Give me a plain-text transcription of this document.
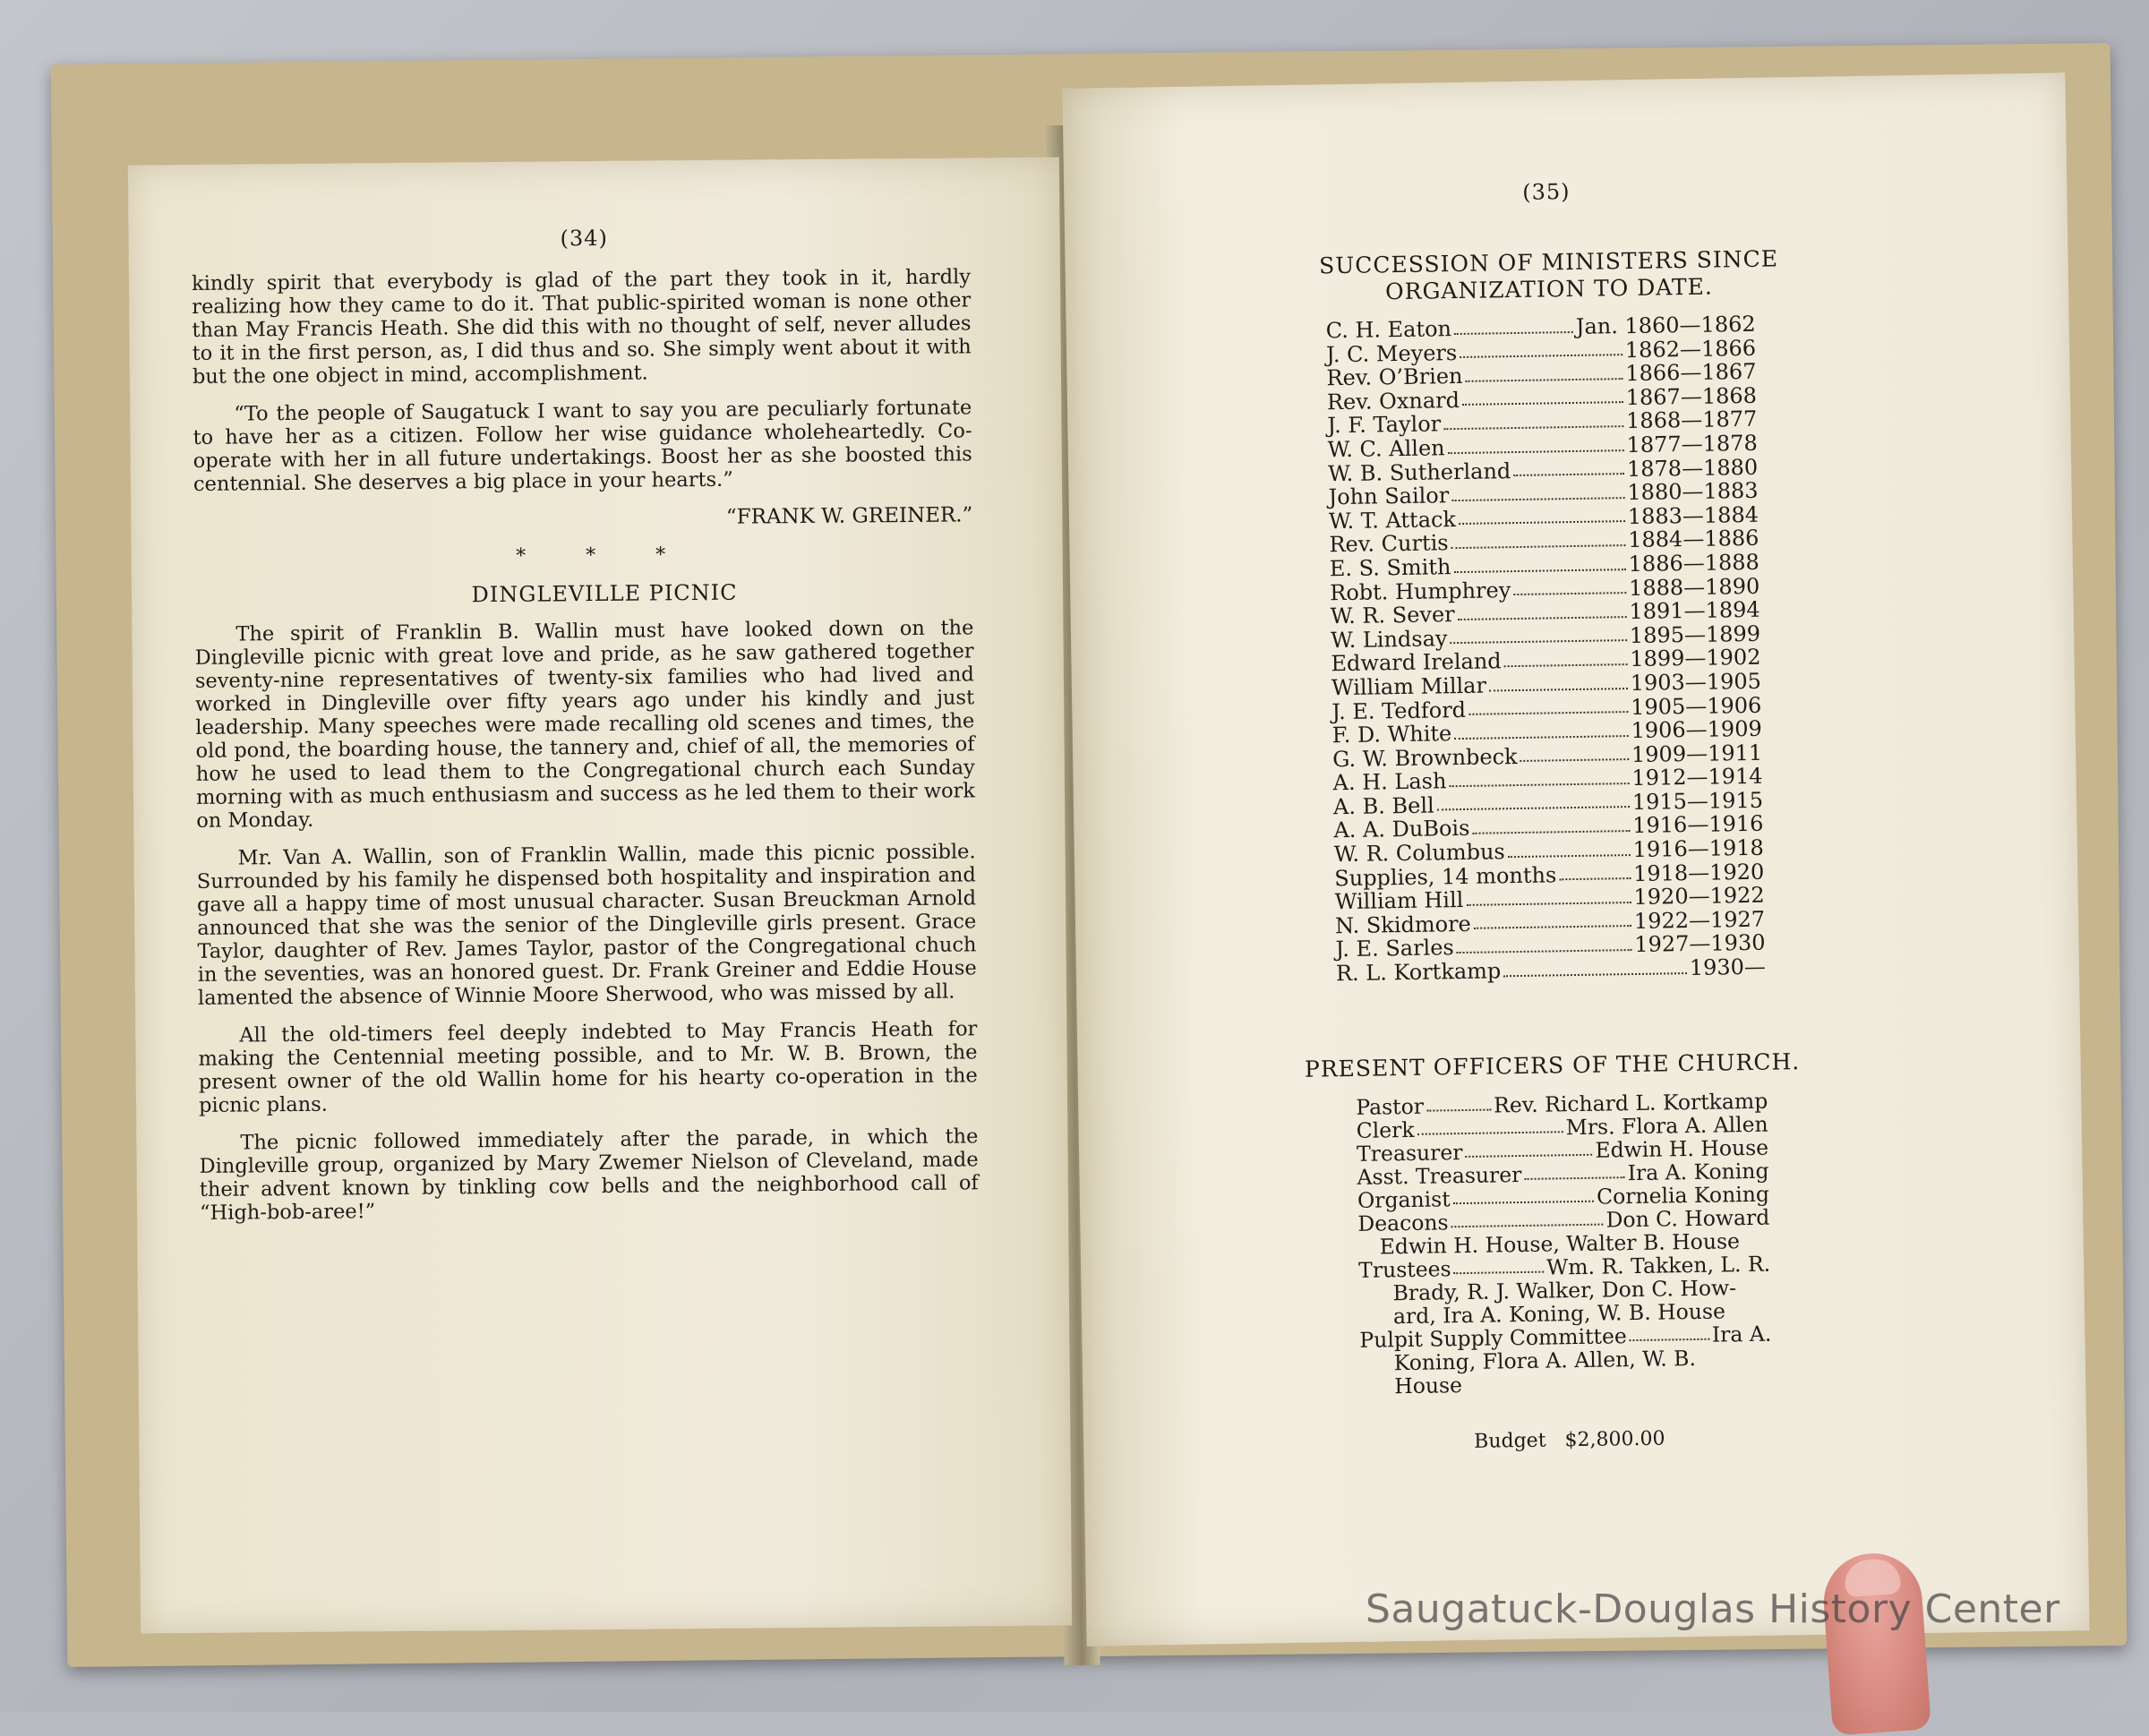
(34)

kindly spirit that everybody is glad of the part they took in it, hardly realizing how they came to do it. That public-spirited woman is none other than May Francis Heath. She did this with no thought of self, never alludes to it in the first person, as, I did thus and so. She simply went about it with but the one object in mind, accomplishment.

“To the people of Saugatuck I want to say you are peculiarly fortunate to have her as a citizen. Follow her wise guidance wholeheartedly. Co-operate with her in all future undertakings. Boost her as she boosted this centennial. She deserves a big place in your hearts.”

“FRANK W. GREINER.”

* * *

DINGLEVILLE PICNIC

The spirit of Franklin B. Wallin must have looked down on the Dingleville picnic with great love and pride, as he saw gathered together seventy-nine representatives of twenty-six families who had lived and worked in Dingleville over fifty years ago under his kindly and just leadership. Many speeches were made recalling old scenes and times, the old pond, the boarding house, the tannery and, chief of all, the memories of how he used to lead them to the Congregational church each Sunday morning with as much enthusiasm and success as he led them to their work on Monday.

Mr. Van A. Wallin, son of Franklin Wallin, made this picnic possible. Surrounded by his family he dispensed both hospitality and inspiration and gave all a happy time of most unusual character. Susan Breuckman Arnold announced that she was the senior of the Dingleville girls present. Grace Taylor, daughter of Rev. James Taylor, pastor of the Congregational chuch in the seventies, was an honored guest. Dr. Frank Greiner and Eddie House lamented the absence of Winnie Moore Sherwood, who was missed by all.

All the old-timers feel deeply indebted to May Francis Heath for making the Centennial meeting possible, and to Mr. W. B. Brown, the present owner of the old Wallin home for his hearty co-operation in the picnic plans.

The picnic followed immediately after the parade, in which the Dingleville group, organized by Mary Zwemer Nielson of Cleveland, made their advent known by tinkling cow bells and the neighborhood call of “High-bob-aree!”

(35)
SUCCESSION OF MINISTERS SINCE
ORGANIZATION TO DATE.
C. H. Eaton	Jan. 1860—1862
J. C. Meyers	1862—1866
Rev. O’Brien	1866—1867
Rev. Oxnard	1867—1868
J. F. Taylor	1868—1877
W. C. Allen	1877—1878
W. B. Sutherland	1878—1880
John Sailor	1880—1883
W. T. Attack	1883—1884
Rev. Curtis	1884—1886
E. S. Smith	1886—1888
Robt. Humphrey	1888—1890
W. R. Sever	1891—1894
W. Lindsay	1895—1899
Edward Ireland	1899—1902
William Millar	1903—1905
J. E. Tedford	1905—1906
F. D. White	1906—1909
G. W. Brownbeck	1909—1911
A. H. Lash	1912—1914
A. B. Bell	1915—1915
A. A. DuBois	1916—1916
W. R. Columbus	1916—1918
Supplies, 14 months	1918—1920
William Hill	1920—1922
N. Skidmore	1922—1927
J. E. Sarles	1927—1930
R. L. Kortkamp	1930—
PRESENT OFFICERS OF THE CHURCH.
Pastor	Rev. Richard L. Kortkamp
Clerk	Mrs. Flora A. Allen
Treasurer	Edwin H. House
Asst. Treasurer	Ira A. Koning
Organist	Cornelia Koning
Deacons	Don C. Howard
Edwin H. House, Walter B. House
Trustees	Wm. R. Takken, L. R.
Brady, R. J. Walker, Don C. How-
ard, Ira A. Koning, W. B. House
Pulpit Supply Committee	Ira A.
Koning, Flora A. Allen, W. B.
House
Budget $2,800.00
Saugatuck-Douglas History Center
